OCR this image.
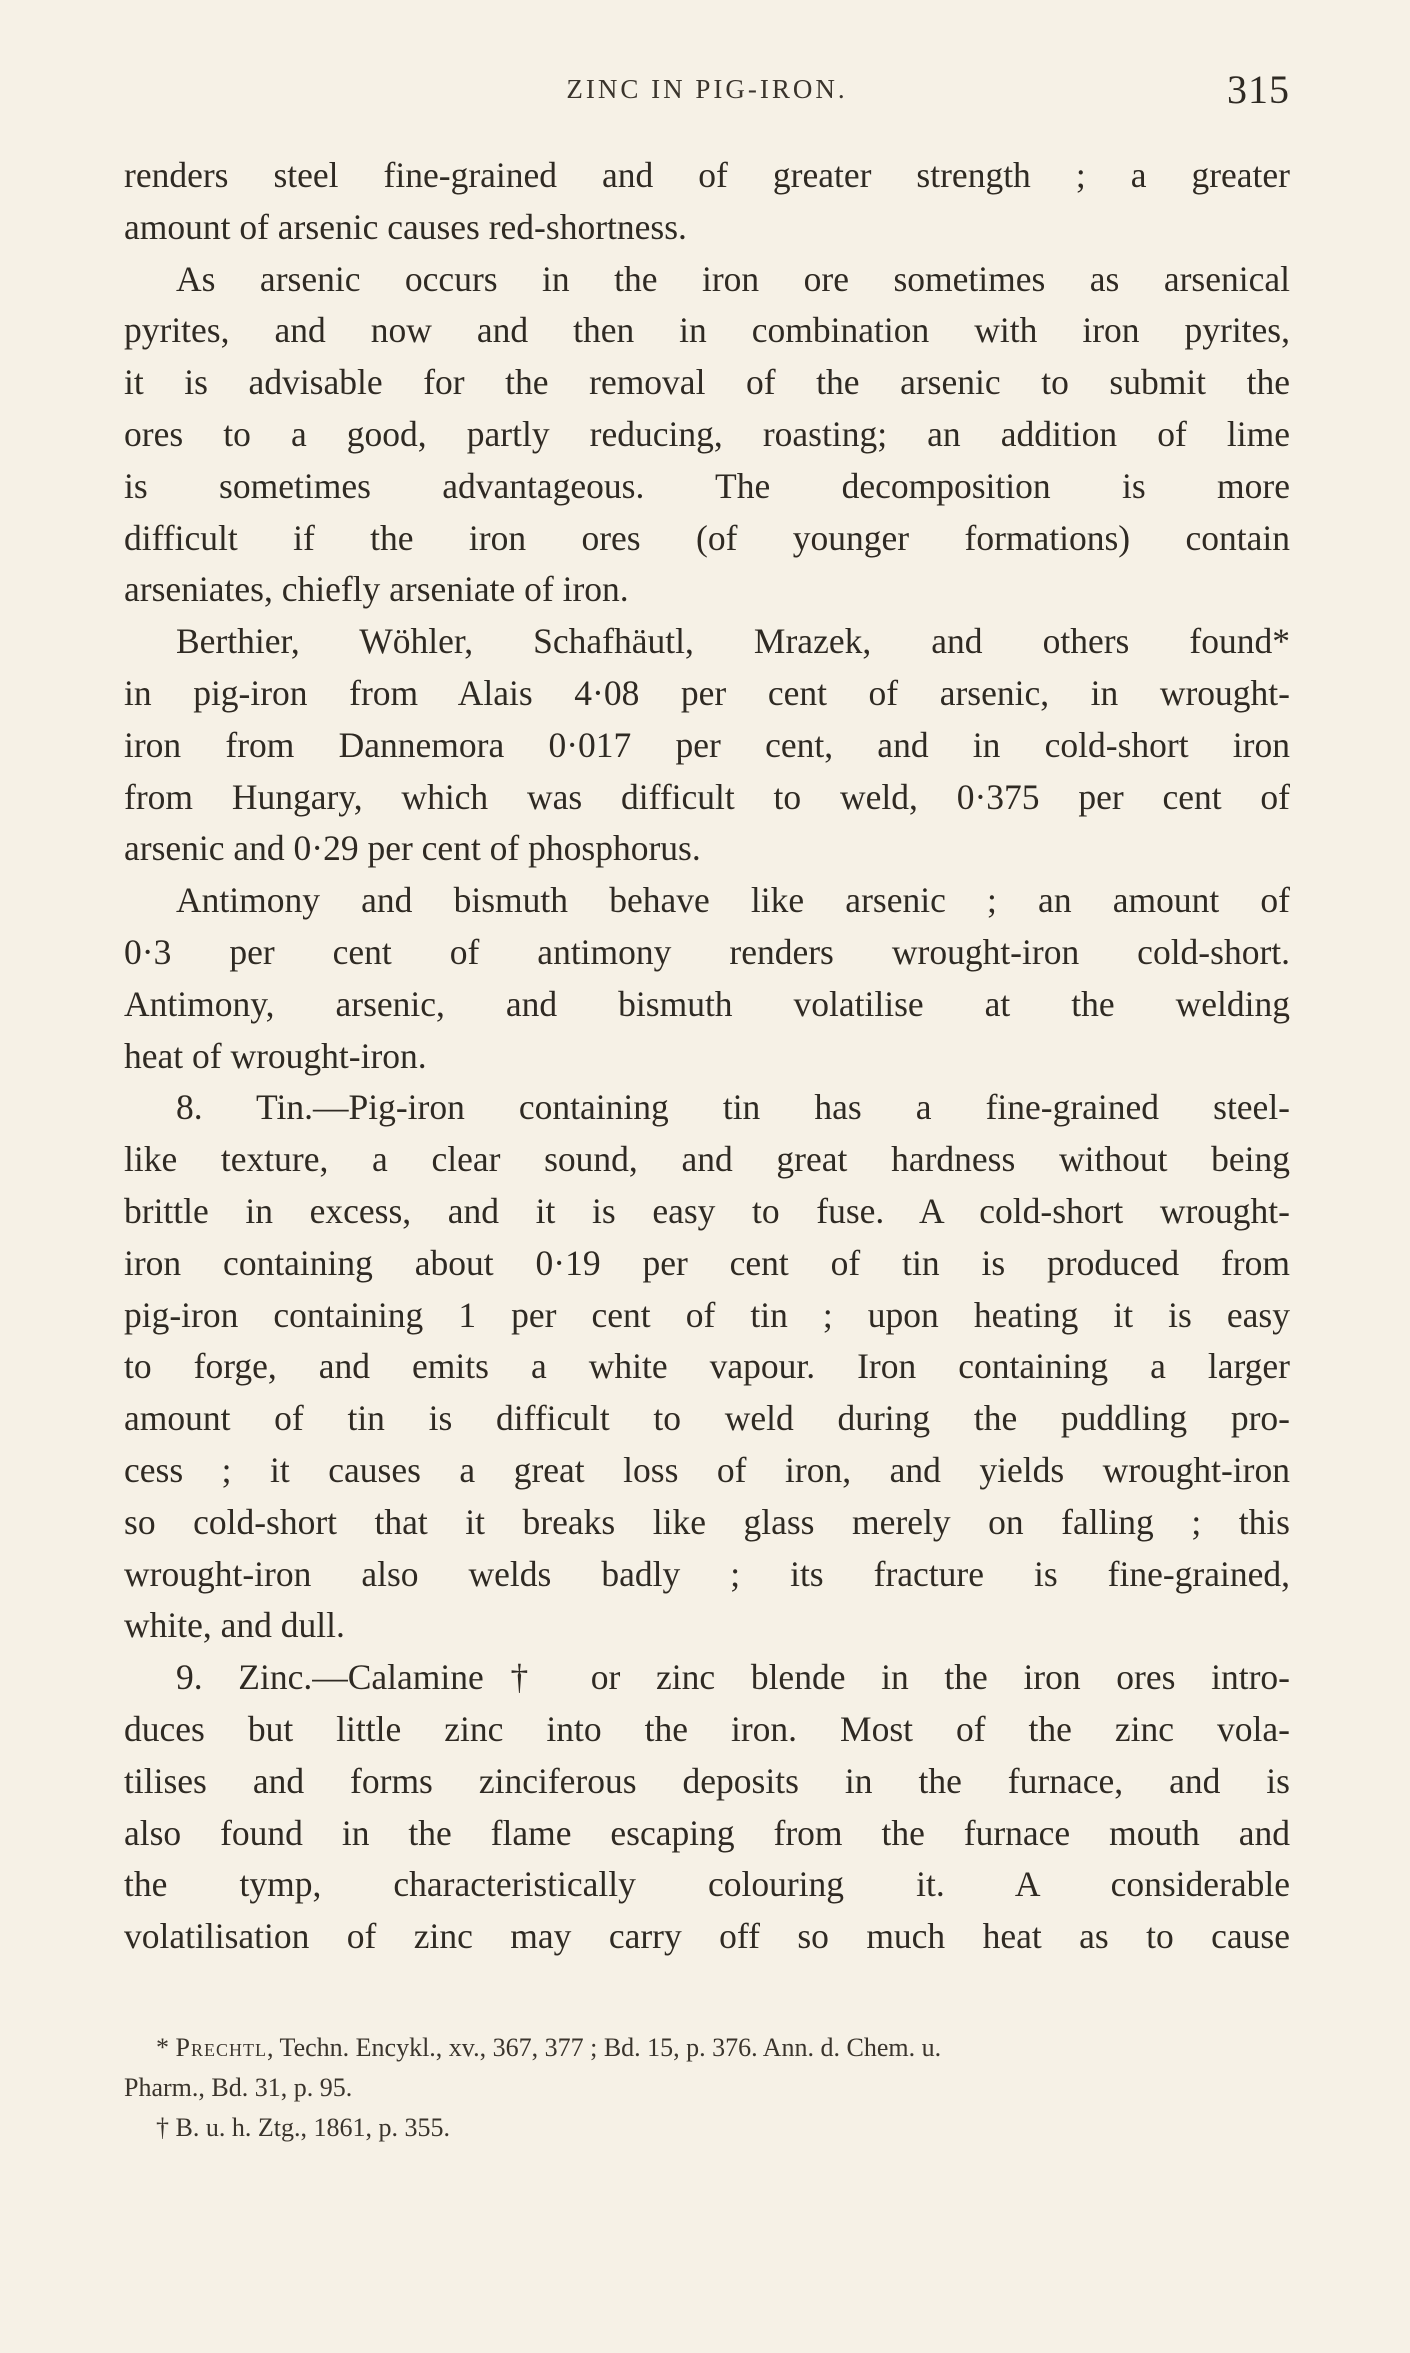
ZINC IN PIG-IRON.	315
renders steel fine-grained and of greater strength ; a greater
amount of arsenic causes red-shortness.
As arsenic occurs in the iron ore sometimes as arsenical
pyrites, and now and then in combination with iron pyrites,
it is advisable for the removal of the arsenic to submit the
ores to a good, partly reducing, roasting; an addition of lime
is sometimes advantageous. The decomposition is more
difficult if the iron ores (of younger formations) contain
arseniates, chiefly arseniate of iron.
Berthier, Wöhler, Schafhäutl, Mrazek, and others found*
in pig-iron from Alais 4·08 per cent of arsenic, in wrought-
iron from Dannemora 0·017 per cent, and in cold-short iron
from Hungary, which was difficult to weld, 0·375 per cent of
arsenic and 0·29 per cent of phosphorus.
Antimony and bismuth behave like arsenic ; an amount of
0·3 per cent of antimony renders wrought-iron cold-short.
Antimony, arsenic, and bismuth volatilise at the welding
heat of wrought-iron.
8. Tin.—Pig-iron containing tin has a fine-grained steel-
like texture, a clear sound, and great hardness without being
brittle in excess, and it is easy to fuse. A cold-short wrought-
iron containing about 0·19 per cent of tin is produced from
pig-iron containing 1 per cent of tin ; upon heating it is easy
to forge, and emits a white vapour. Iron containing a larger
amount of tin is difficult to weld during the puddling pro-
cess ; it causes a great loss of iron, and yields wrought-iron
so cold-short that it breaks like glass merely on falling ; this
wrought-iron also welds badly ; its fracture is fine-grained,
white, and dull.
9. Zinc.—Calamine† or zinc blende in the iron ores intro-
duces but little zinc into the iron. Most of the zinc vola-
tilises and forms zinciferous deposits in the furnace, and is
also found in the flame escaping from the furnace mouth and
the tymp, characteristically colouring it. A considerable
volatilisation of zinc may carry off so much heat as to cause
* Prechtl, Techn. Encykl., xv., 367, 377 ; Bd. 15, p. 376. Ann. d. Chem. u.
Pharm., Bd. 31, p. 95.
† B. u. h. Ztg., 1861, p. 355.
